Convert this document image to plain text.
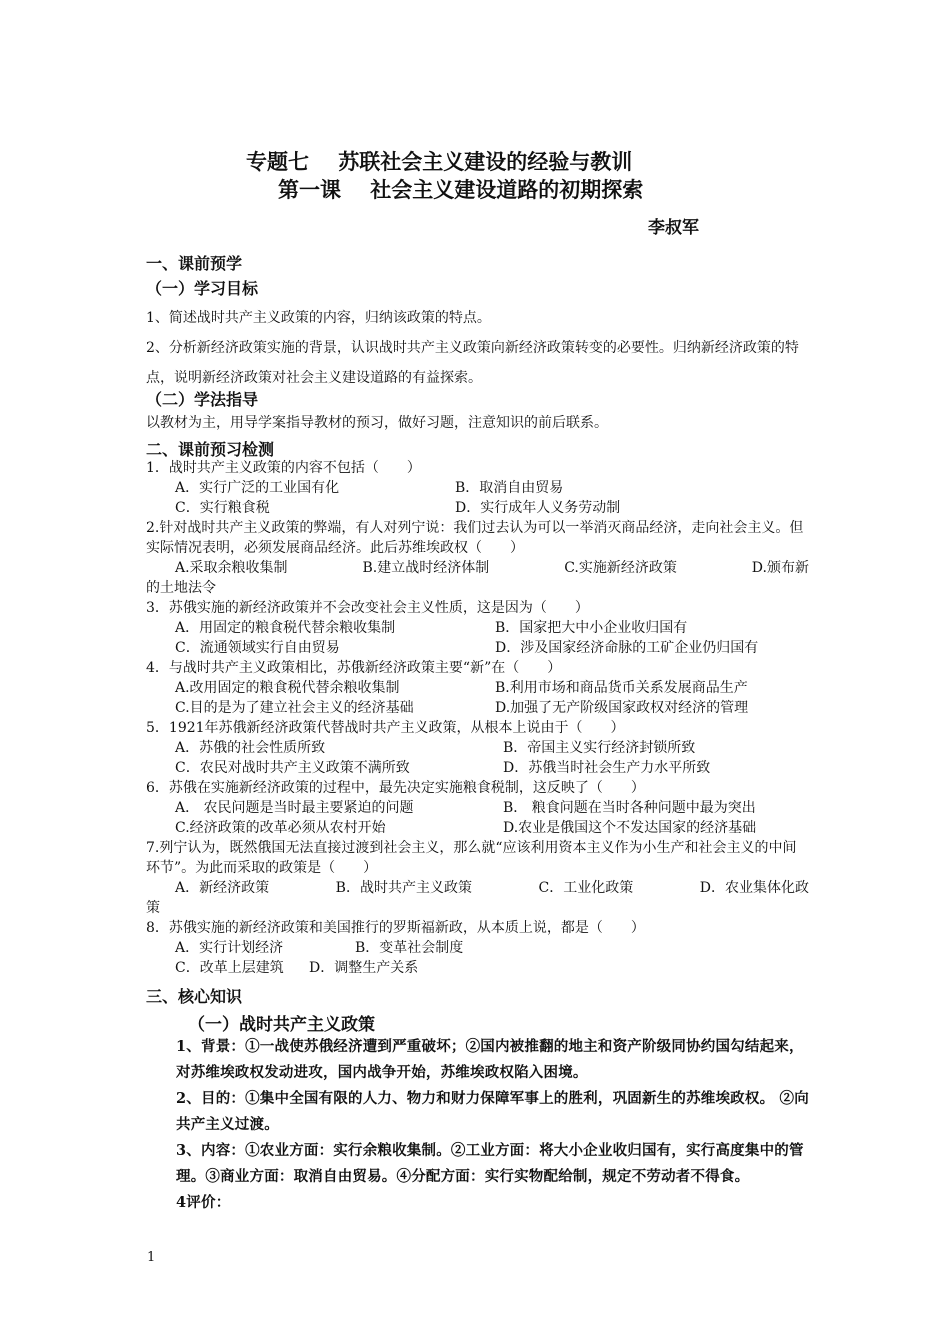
专题七    苏联社会主义建设的经验与教训
第一课    社会主义建设道路的初期探索
李叔军
一、课前预学
（一）学习目标
1、简述战时共产主义政策的内容，归纳该政策的特点。
2、分析新经济政策实施的背景，认识战时共产主义政策向新经济政策转变的必要性。归纳新经济政策的特点，说明新经济政策对社会主义建设道路的有益探索。
（二）学法指导
以教材为主，用导学案指导教材的预习，做好习题，注意知识的前后联系。
二、课前预习检测
1．战时共产主义政策的内容不包括（　　）
A．实行广泛的工业国有化	B．取消自由贸易
C．实行粮食税	D．实行成年人义务劳动制
2.针对战时共产主义政策的弊端，有人对列宁说：我们过去认为可以一举消灭商品经济，走向社会主义。但实际情况表明，必须发展商品经济。此后苏维埃政权（　　）
A.采取余粮收集制	B.建立战时经济体制	C.实施新经济政策	D.颁布新
的土地法令
3．苏俄实施的新经济政策并不会改变社会主义性质，这是因为（　　）
A．用固定的粮食税代替余粮收集制	B．国家把大中小企业收归国有
C．流通领域实行自由贸易	D．涉及国家经济命脉的工矿企业仍归国有
4．与战时共产主义政策相比，苏俄新经济政策主要“新”在（　　）
A.改用固定的粮食税代替余粮收集制	B.利用市场和商品货币关系发展商品生产
C.目的是为了建立社会主义的经济基础	D.加强了无产阶级国家政权对经济的管理
5．1921年苏俄新经济政策代替战时共产主义政策，从根本上说由于（　　）
A．苏俄的社会性质所致	B．帝国主义实行经济封锁所致
C．农民对战时共产主义政策不满所致	D．苏俄当时社会生产力水平所致
6．苏俄在实施新经济政策的过程中，最先决定实施粮食税制，这反映了（　　）
A． 农民问题是当时最主要紧迫的问题	B． 粮食问题在当时各种问题中最为突出
C.经济政策的改革必须从农村开始	D.农业是俄国这个不发达国家的经济基础
7.列宁认为，既然俄国无法直接过渡到社会主义，那么就“应该利用资本主义作为小生产和社会主义的中间环节”。为此而采取的政策是（　　）
A．新经济政策	B．战时共产主义政策	C．工业化政策	D．农业集体化政
策
8．苏俄实施的新经济政策和美国推行的罗斯福新政，从本质上说，都是（　　）
A．实行计划经济	B．变革社会制度
C．改革上层建筑	D．调整生产关系
三、核心知识
（一）战时共产主义政策
1、背景：①一战使苏俄经济遭到严重破坏；②国内被推翻的地主和资产阶级同协约国勾结起来，对苏维埃政权发动进攻，国内战争开始，苏维埃政权陷入困境。
2、目的：①集中全国有限的人力、物力和财力保障军事上的胜利，巩固新生的苏维埃政权。 ②向共产主义过渡。
3、内容：①农业方面：实行余粮收集制。②工业方面：将大小企业收归国有，实行高度集中的管理。③商业方面：取消自由贸易。④分配方面：实行实物配给制，规定不劳动者不得食。
4评价：
1
